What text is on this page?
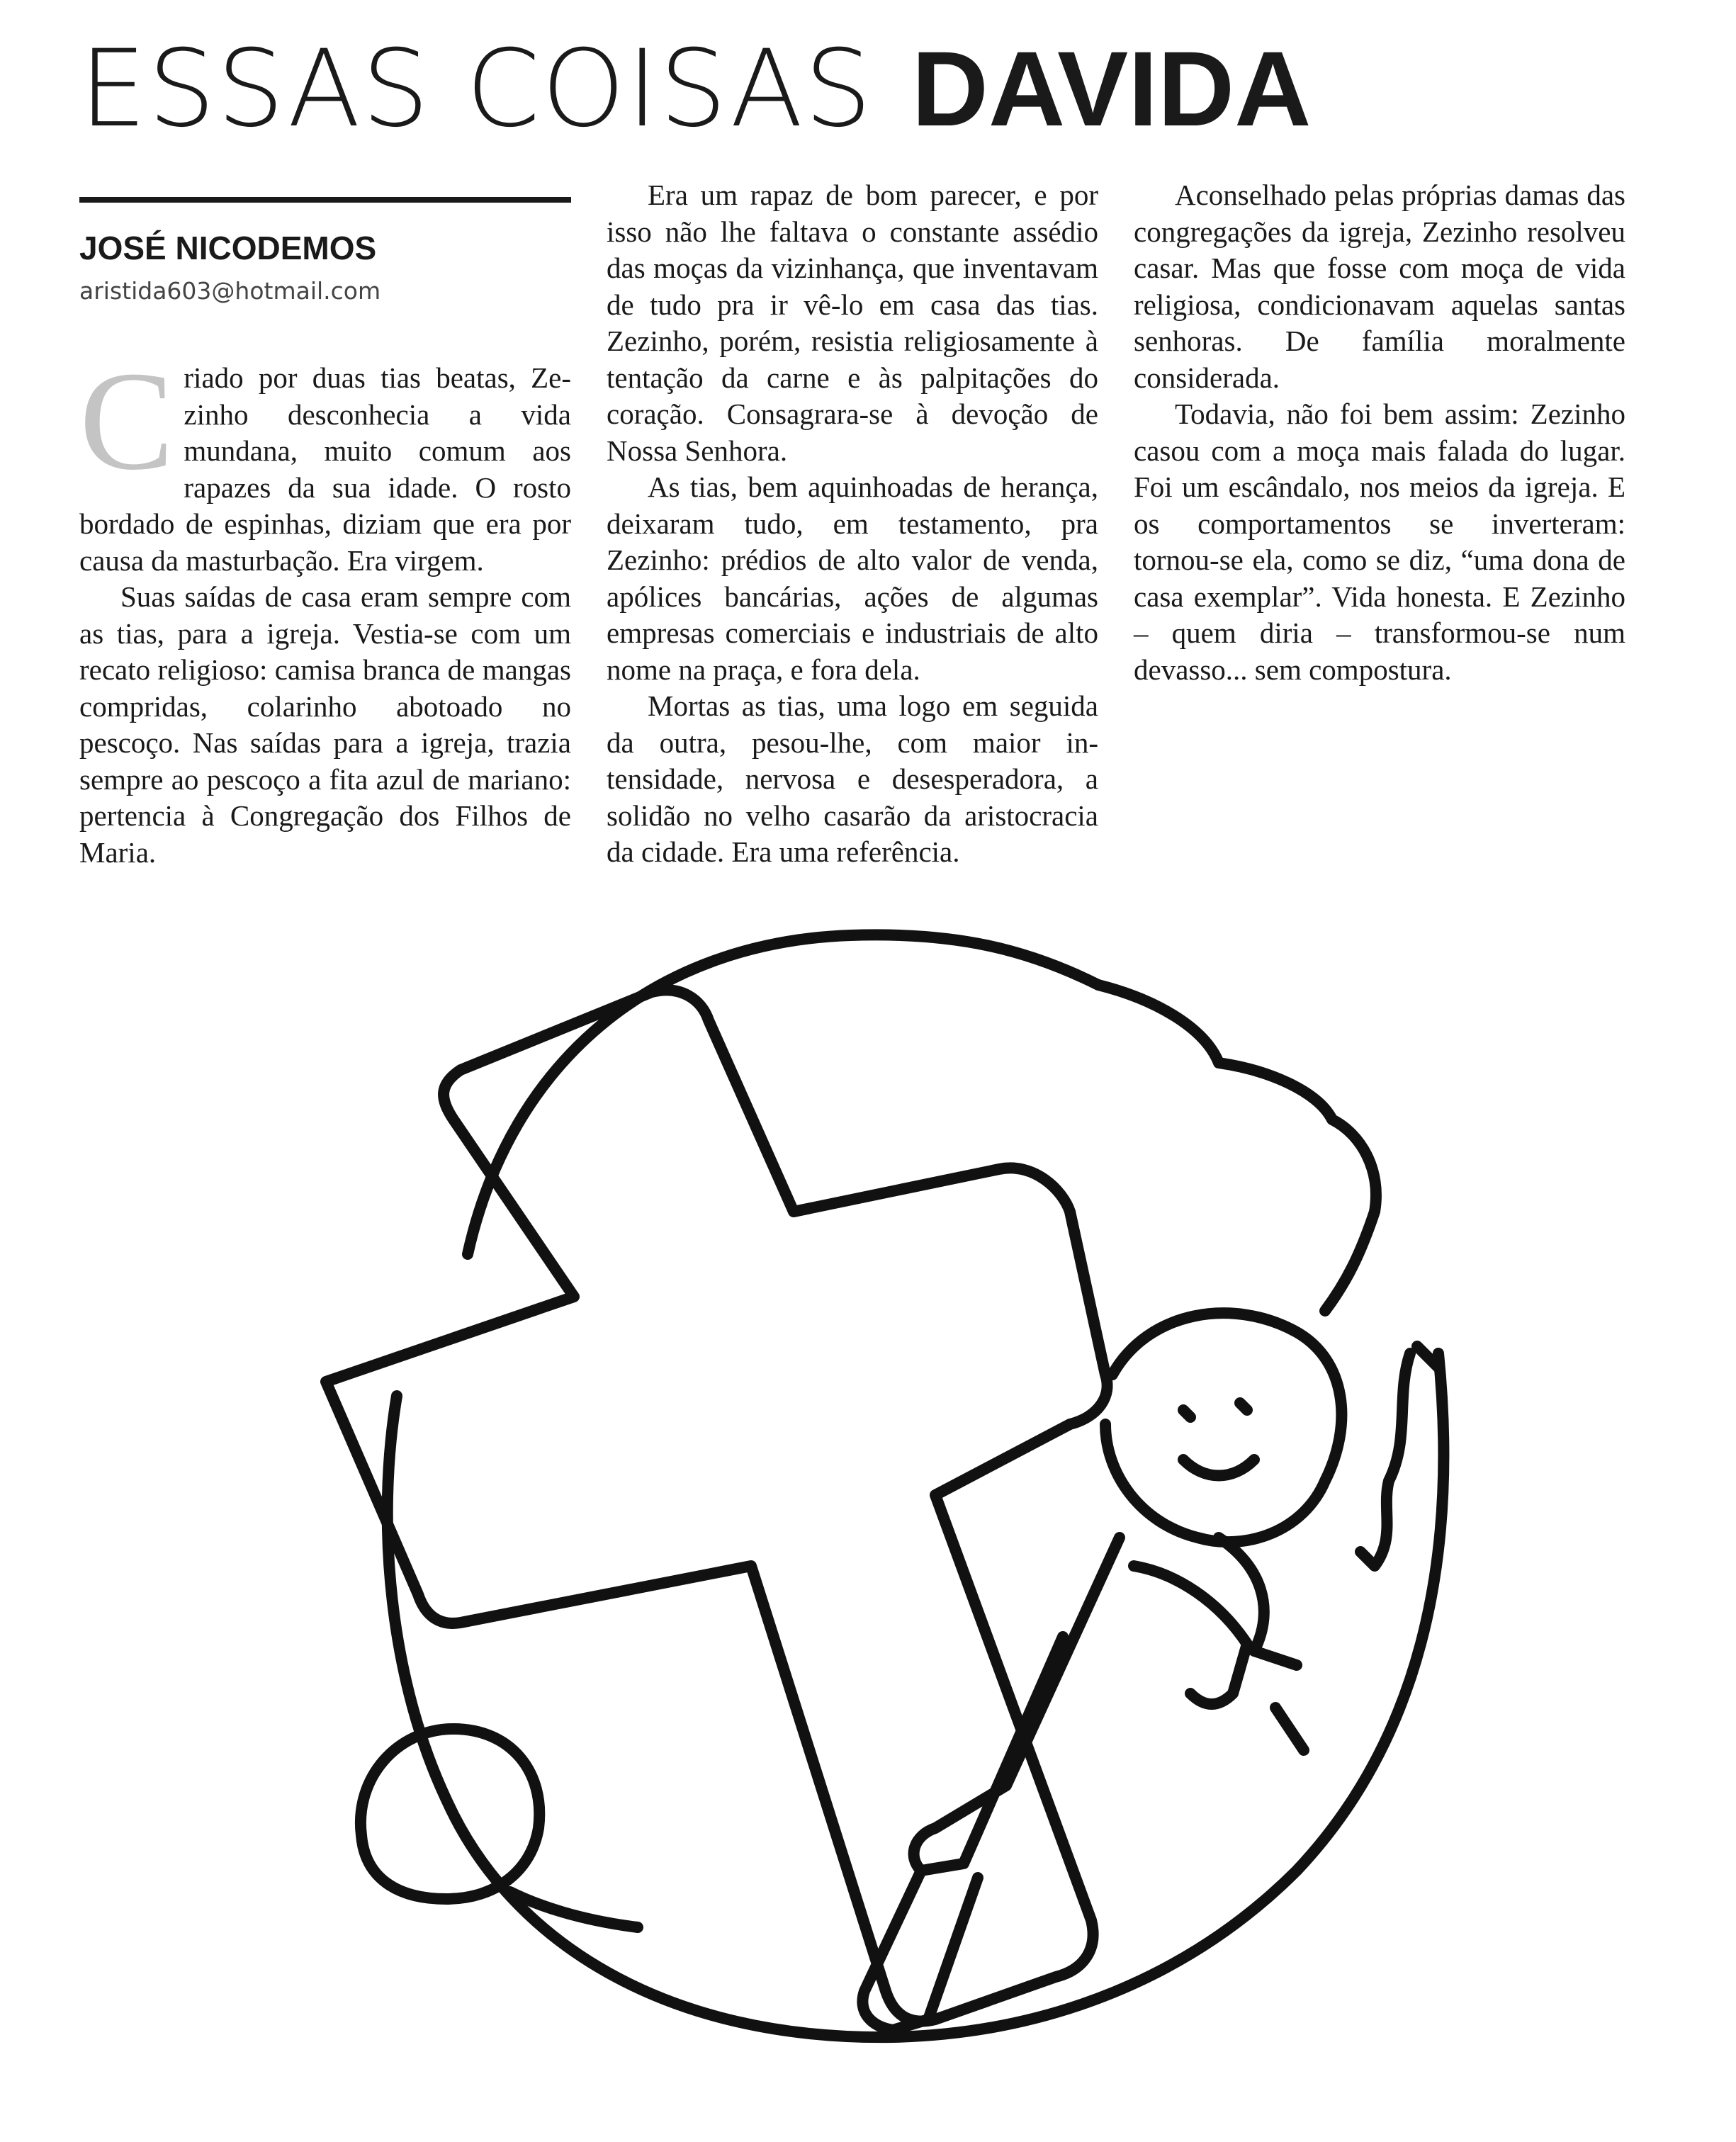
ESSAS COISAS DAVIDA
JOSÉ NICODEMOS
aristida603@hotmail.com

Criado por duas tias beatas, Zezinho desconhecia a vida mundana, muito comum aos rapazes da sua idade. O rosto bordado de espinhas, diziam que era por causa da masturbação. Era virgem.

Suas saídas de casa eram sempre com as tias, para a igreja. Vestia-se com um recato religioso: camisa branca de mangas compridas, colarinho abotoado no pescoço. Nas saídas para a igreja, trazia sempre ao pescoço a fita azul de mariano: pertencia à Congregação dos Filhos de Maria.

Era um rapaz de bom parecer, e por isso não lhe faltava o constante assédio das moças da vizinhança, que inventavam de tudo pra ir vê-lo em casa das tias. Zezinho, porém, resistia religiosamente à tentação da carne e às palpitações do coração. Consagrara-se à devoção de Nossa Senhora.

As tias, bem aquinhoadas de herança, deixaram tudo, em testamento, pra Zezinho: prédios de alto valor de venda, apólices bancárias, ações de algumas empresas comerciais e industriais de alto nome na praça, e fora dela.

Mortas as tias, uma logo em seguida da outra, pesou-lhe, com maior intensidade, nervosa e desesperadora, a solidão no velho casarão da aristocracia da cidade. Era uma referência.

Aconselhado pelas próprias damas das congregações da igreja, Zezinho resolveu casar. Mas que fosse com moça de vida religiosa, condicionavam aquelas santas senhoras. De família moralmente considerada.

Todavia, não foi bem assim: Zezinho casou com a moça mais falada do lugar. Foi um escândalo, nos meios da igreja. E os comportamentos se inverteram: tornou-se ela, como se diz, “uma dona de casa exemplar”. Vida honesta. E Zezinho – quem diria – transformou-se num devasso... sem compostura.
